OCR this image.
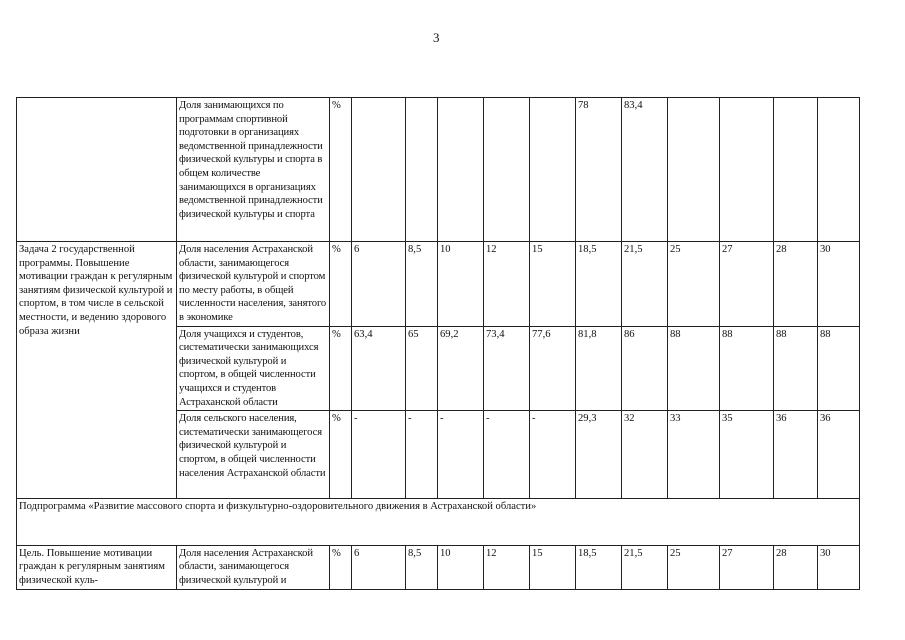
3
	Доля занимающихся по программам спортивной подготовки в организациях ведомственной принадлежности физической культуры и спорта в общем количестве занимающихся в организациях ведомственной принадлежности физической культуры и спорта	%						78	83,4				
Задача 2 государственной программы. Повышение мотивации граждан к регулярным занятиям физической культурой и спортом, в том числе в сельской местности, и ведению здорового образа жизни	Доля населения Астраханской области, занимающегося физической культурой и спортом по месту работы, в общей численности населения, занятого в экономике	%	6	8,5	10	12	15	18,5	21,5	25	27	28	30
	Доля учащихся и студентов, систематически занимающихся физической культурой и спортом, в общей численности учащихся и студентов Астраханской области	%	63,4	65	69,2	73,4	77,6	81,8	86	88	88	88	88
	Доля сельского населения, систематически занимающегося физической культурой и спортом, в общей численности населения Астраханской области	%	-	-	-	-	-	29,3	32	33	35	36	36

Подпрограмма «Развитие массового спорта и физкультурно-оздоровительного движения в Астраханской области»													

Цель. Повышение мотивации граждан к регулярным занятиям физической куль-	Доля населения Астраханской области, занимающегося физической культурой и	%	6	8,5	10	12	15	18,5	21,5	25	27	28	30
